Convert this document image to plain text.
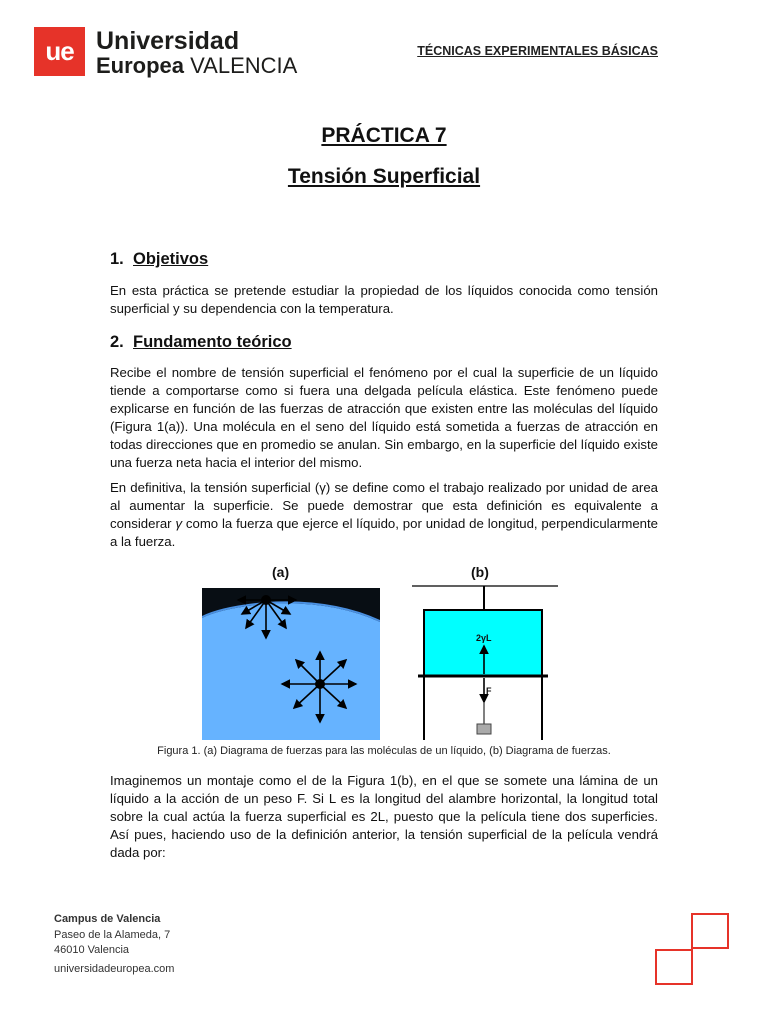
ue Universidad
Europea VALENCIA
TÉCNICAS EXPERIMENTALES BÁSICAS
PRÁCTICA 7
Tensión Superficial
1. Objetivos
En esta práctica se pretende estudiar la propiedad de los líquidos conocida como tensión superficial y su dependencia con la temperatura.
2. Fundamento teórico
Recibe el nombre de tensión superficial el fenómeno por el cual la superficie de un líquido tiende a comportarse como si fuera una delgada película elástica. Este fenómeno puede explicarse en función de las fuerzas de atracción que existen entre las moléculas del líquido (Figura 1(a)). Una molécula en el seno del líquido está sometida a fuerzas de atracción en todas direcciones que en promedio se anulan. Sin embargo, en la superficie del líquido existe una fuerza neta hacia el interior del mismo.
En definitiva, la tensión superficial (γ) se define como el trabajo realizado por unidad de area al aumentar la superficie. Se puede demostrar que esta definición es equivalente a considerar γ como la fuerza que ejerce el líquido, por unidad de longitud, perpendicularmente a la fuerza.
(a)	(b)
2γL
F
Figura 1. (a) Diagrama de fuerzas para las moléculas de un líquido, (b) Diagrama de fuerzas.
Imaginemos un montaje como el de la Figura 1(b), en el que se somete una lámina de un líquido a la acción de un peso F. Si L es la longitud del alambre horizontal, la longitud total sobre la cual actúa la fuerza superficial es 2L, puesto que la película tiene dos superficies. Así pues, haciendo uso de la definición anterior, la tensión superficial de la película vendrá dada por:
Campus de Valencia
Paseo de la Alameda, 7
46010 Valencia
universidadeuropea.com
